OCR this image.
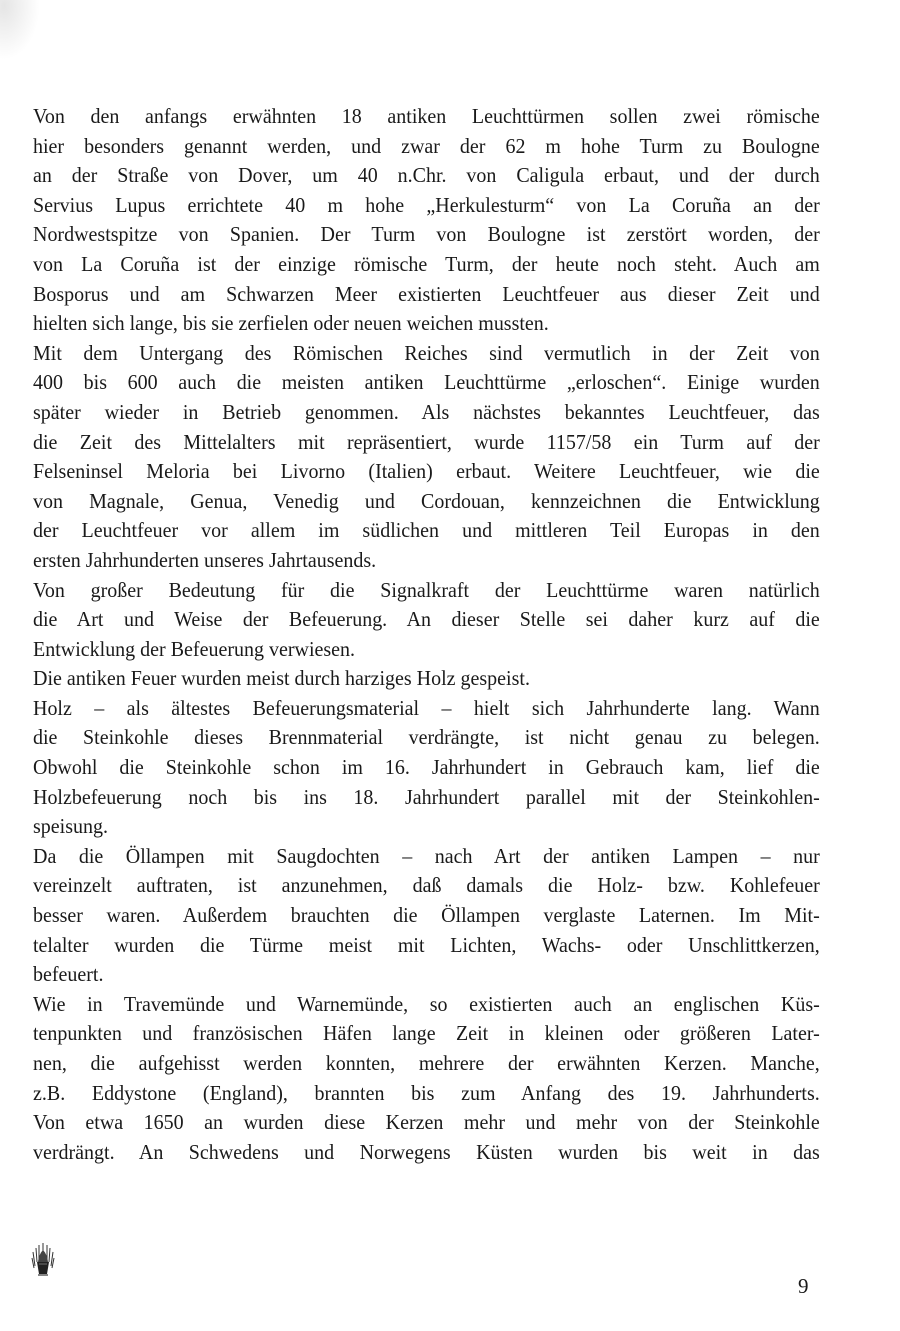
Von den anfangs erwähnten 18 antiken Leuchttürmen sollen zwei römische
hier besonders genannt werden, und zwar der 62 m hohe Turm zu Boulogne
an der Straße von Dover, um 40 n.Chr. von Caligula erbaut, und der durch
Servius Lupus errichtete 40 m hohe „Herkulesturm“ von La Coruña an der
Nordwestspitze von Spanien. Der Turm von Boulogne ist zerstört worden, der
von La Coruña ist der einzige römische Turm, der heute noch steht. Auch am
Bosporus und am Schwarzen Meer existierten Leuchtfeuer aus dieser Zeit und
hielten sich lange, bis sie zerfielen oder neuen weichen mussten.
Mit dem Untergang des Römischen Reiches sind vermutlich in der Zeit von
400 bis 600 auch die meisten antiken Leuchttürme „erloschen“. Einige wurden
später wieder in Betrieb genommen. Als nächstes bekanntes Leuchtfeuer, das
die Zeit des Mittelalters mit repräsentiert, wurde 1157/58 ein Turm auf der
Felseninsel Meloria bei Livorno (Italien) erbaut. Weitere Leuchtfeuer, wie die
von Magnale, Genua, Venedig und Cordouan, kennzeichnen die Entwicklung
der Leuchtfeuer vor allem im südlichen und mittleren Teil Europas in den
ersten Jahrhunderten unseres Jahrtausends.
Von großer Bedeutung für die Signalkraft der Leuchttürme waren natürlich
die Art und Weise der Befeuerung. An dieser Stelle sei daher kurz auf die
Entwicklung der Befeuerung verwiesen.
Die antiken Feuer wurden meist durch harziges Holz gespeist.
Holz – als ältestes Befeuerungsmaterial – hielt sich Jahrhunderte lang. Wann
die Steinkohle dieses Brennmaterial verdrängte, ist nicht genau zu belegen.
Obwohl die Steinkohle schon im 16. Jahrhundert in Gebrauch kam, lief die
Holzbefeuerung noch bis ins 18. Jahrhundert parallel mit der Steinkohlen-
speisung.
Da die Öllampen mit Saugdochten – nach Art der antiken Lampen – nur
vereinzelt auftraten, ist anzunehmen, daß damals die Holz- bzw. Kohlefeuer
besser waren. Außerdem brauchten die Öllampen verglaste Laternen. Im Mit-
telalter wurden die Türme meist mit Lichten, Wachs- oder Unschlittkerzen,
befeuert.
Wie in Travemünde und Warnemünde, so existierten auch an englischen Küs-
tenpunkten und französischen Häfen lange Zeit in kleinen oder größeren Later-
nen, die aufgehisst werden konnten, mehrere der erwähnten Kerzen. Manche,
z.B. Eddystone (England), brannten bis zum Anfang des 19. Jahrhunderts.
Von etwa 1650 an wurden diese Kerzen mehr und mehr von der Steinkohle
verdrängt. An Schwedens und Norwegens Küsten wurden bis weit in das
9
